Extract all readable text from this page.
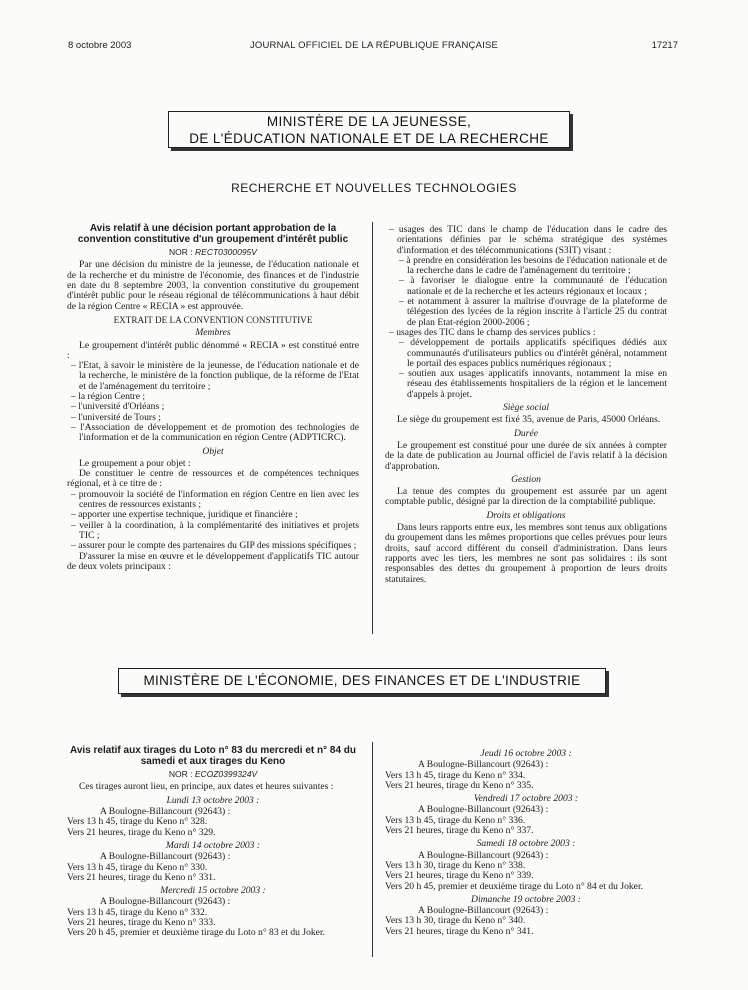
8 octobre 2003	JOURNAL OFFICIEL DE LA RÉPUBLIQUE FRANÇAISE	17217
MINISTÈRE DE LA JEUNESSE,
DE L'ÉDUCATION NATIONALE ET DE LA RECHERCHE
RECHERCHE ET NOUVELLES TECHNOLOGIES
Avis relatif à une décision portant approbation de la convention constitutive d'un groupement d'intérêt public
NOR : RECT0300095V

Par une décision du ministre de la jeunesse, de l'éducation nationale et de la recherche et du ministre de l'économie, des finances et de l'industrie en date du 8 septembre 2003, la convention constitutive du groupement d'intérêt public pour le réseau régional de télécommunications à haut débit de la région Centre « RECIA » est approuvée.

EXTRAIT DE LA CONVENTION CONSTITUTIVE
Membres

Le groupement d'intérêt public dénommé « RECIA » est constitué entre :

– l'Etat, à savoir le ministère de la jeunesse, de l'éducation nationale et de la recherche, le ministère de la fonction publique, de la réforme de l'Etat et de l'aménagement du territoire ;
– la région Centre ;
– l'université d'Orléans ;
– l'université de Tours ;
– l'Association de développement et de promotion des technologies de l'information et de la communication en région Centre (ADPTICRC).
Objet

Le groupement a pour objet :

De constituer le centre de ressources et de compétences techniques régional, et à ce titre de :

– promouvoir la société de l'information en région Centre en lien avec les centres de ressources existants ;
– apporter une expertise technique, juridique et financière ;
– veiller à la coordination, à la complémentarité des initiatives et projets TIC ;
– assurer pour le compte des partenaires du GIP des missions spécifiques ;

D'assurer la mise en œuvre et le développement d'applicatifs TIC autour de deux volets principaux :

– usages des TIC dans le champ de l'éducation dans le cadre des orientations définies par le schéma stratégique des systèmes d'information et des télécommunications (S3IT) visant :
– à prendre en considération les besoins de l'éducation nationale et de la recherche dans le cadre de l'aménagement du territoire ;
– à favoriser le dialogue entre la communauté de l'éducation nationale et de la recherche et les acteurs régionaux et locaux ;
– et notamment à assurer la maîtrise d'ouvrage de la plateforme de télégestion des lycées de la région inscrite à l'article 25 du contrat de plan Etat-région 2000-2006 ;
– usages des TIC dans le champ des services publics :
– développement de portails applicatifs spécifiques dédiés aux communautés d'utilisateurs publics ou d'intérêt général, notamment le portail des espaces publics numériques régionaux ;
– soutien aux usages applicatifs innovants, notamment la mise en réseau des établissements hospitaliers de la région et le lancement d'appels à projet.
Siège social

Le siège du groupement est fixé 35, avenue de Paris, 45000 Orléans.

Durée

Le groupement est constitué pour une durée de six années à compter de la date de publication au Journal officiel de l'avis relatif à la décision d'approbation.

Gestion

La tenue des comptes du groupement est assurée par un agent comptable public, désigné par la direction de la comptabilité publique.

Droits et obligations

Dans leurs rapports entre eux, les membres sont tenus aux obligations du groupement dans les mêmes proportions que celles prévues pour leurs droits, sauf accord différent du conseil d'administration. Dans leurs rapports avec les tiers, les membres ne sont pas solidaires : ils sont responsables des dettes du groupement à proportion de leurs droits statutaires.

MINISTÈRE DE L'ÉCONOMIE, DES FINANCES ET DE L'INDUSTRIE
Avis relatif aux tirages du Loto n° 83 du mercredi et n° 84 du samedi et aux tirages du Keno
NOR : ECOZ0399324V

Ces tirages auront lieu, en principe, aux dates et heures suivantes :

Lundi 13 octobre 2003 :
A Boulogne-Billancourt (92643) :
Vers 13 h 45, tirage du Keno n° 328.
Vers 21 heures, tirage du Keno n° 329.
Mardi 14 octobre 2003 :
A Boulogne-Billancourt (92643) :
Vers 13 h 45, tirage du Keno n° 330.
Vers 21 heures, tirage du Keno n° 331.
Mercredi 15 octobre 2003 :
A Boulogne-Billancourt (92643) :
Vers 13 h 45, tirage du Keno n° 332.
Vers 21 heures, tirage du Keno n° 333.

Vers 20 h 45, premier et deuxième tirage du Loto n° 83 et du Joker.

Jeudi 16 octobre 2003 :
A Boulogne-Billancourt (92643) :
Vers 13 h 45, tirage du Keno n° 334.
Vers 21 heures, tirage du Keno n° 335.
Vendredi 17 octobre 2003 :
A Boulogne-Billancourt (92643) :
Vers 13 h 45, tirage du Keno n° 336.
Vers 21 heures, tirage du Keno n° 337.
Samedi 18 octobre 2003 :
A Boulogne-Billancourt (92643) :
Vers 13 h 30, tirage du Keno n° 338.
Vers 21 heures, tirage du Keno n° 339.

Vers 20 h 45, premier et deuxième tirage du Loto n° 84 et du Joker.

Dimanche 19 octobre 2003 :
A Boulogne-Billancourt (92643) :
Vers 13 h 30, tirage du Keno n° 340.
Vers 21 heures, tirage du Keno n° 341.
